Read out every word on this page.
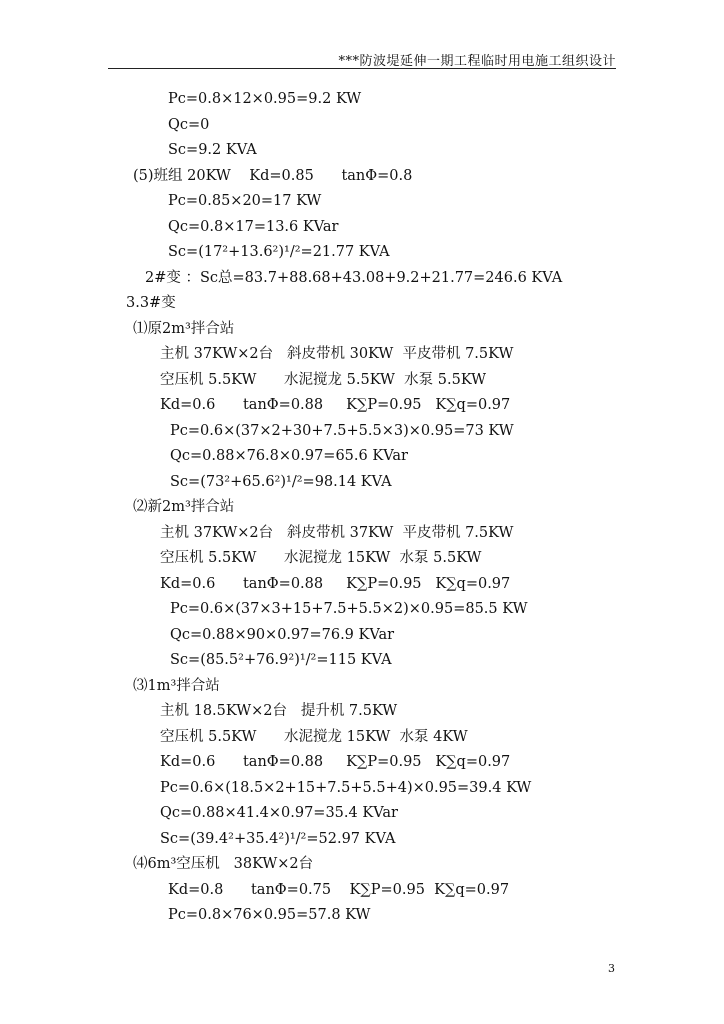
***防波堤延伸一期工程临时用电施工组织设计
Pc=0.8×12×0.95=9.2 KW
Qc=0
Sc=9.2 KVA
(5)班组 20KW    Kd=0.85      tanΦ=0.8
Pc=0.85×20=17 KW
Qc=0.8×17=13.6 KVar
Sc=(17²+13.6²)¹/²=21.77 KVA
2#变 ：Sc总=83.7+88.68+43.08+9.2+21.77=246.6 KVA
3.3#变
⑴原2m³拌合站
主机 37KW×2台   斜皮带机 30KW  平皮带机 7.5KW
空压机 5.5KW      水泥搅龙 5.5KW  水泵 5.5KW
Kd=0.6      tanΦ=0.88     K∑P=0.95   K∑q=0.97
Pc=0.6×(37×2+30+7.5+5.5×3)×0.95=73 KW
Qc=0.88×76.8×0.97=65.6 KVar
Sc=(73²+65.6²)¹/²=98.14 KVA
⑵新2m³拌合站
主机 37KW×2台   斜皮带机 37KW  平皮带机 7.5KW
空压机 5.5KW      水泥搅龙 15KW  水泵 5.5KW
Kd=0.6      tanΦ=0.88     K∑P=0.95   K∑q=0.97
Pc=0.6×(37×3+15+7.5+5.5×2)×0.95=85.5 KW
Qc=0.88×90×0.97=76.9 KVar
Sc=(85.5²+76.9²)¹/²=115 KVA
⑶1m³拌合站
主机 18.5KW×2台   提升机 7.5KW
空压机 5.5KW      水泥搅龙 15KW  水泵 4KW
Kd=0.6      tanΦ=0.88     K∑P=0.95   K∑q=0.97
Pc=0.6×(18.5×2+15+7.5+5.5+4)×0.95=39.4 KW
Qc=0.88×41.4×0.97=35.4 KVar
Sc=(39.4²+35.4²)¹/²=52.97 KVA
⑷6m³空压机   38KW×2台
Kd=0.8      tanΦ=0.75    K∑P=0.95  K∑q=0.97
Pc=0.8×76×0.95=57.8 KW
3
